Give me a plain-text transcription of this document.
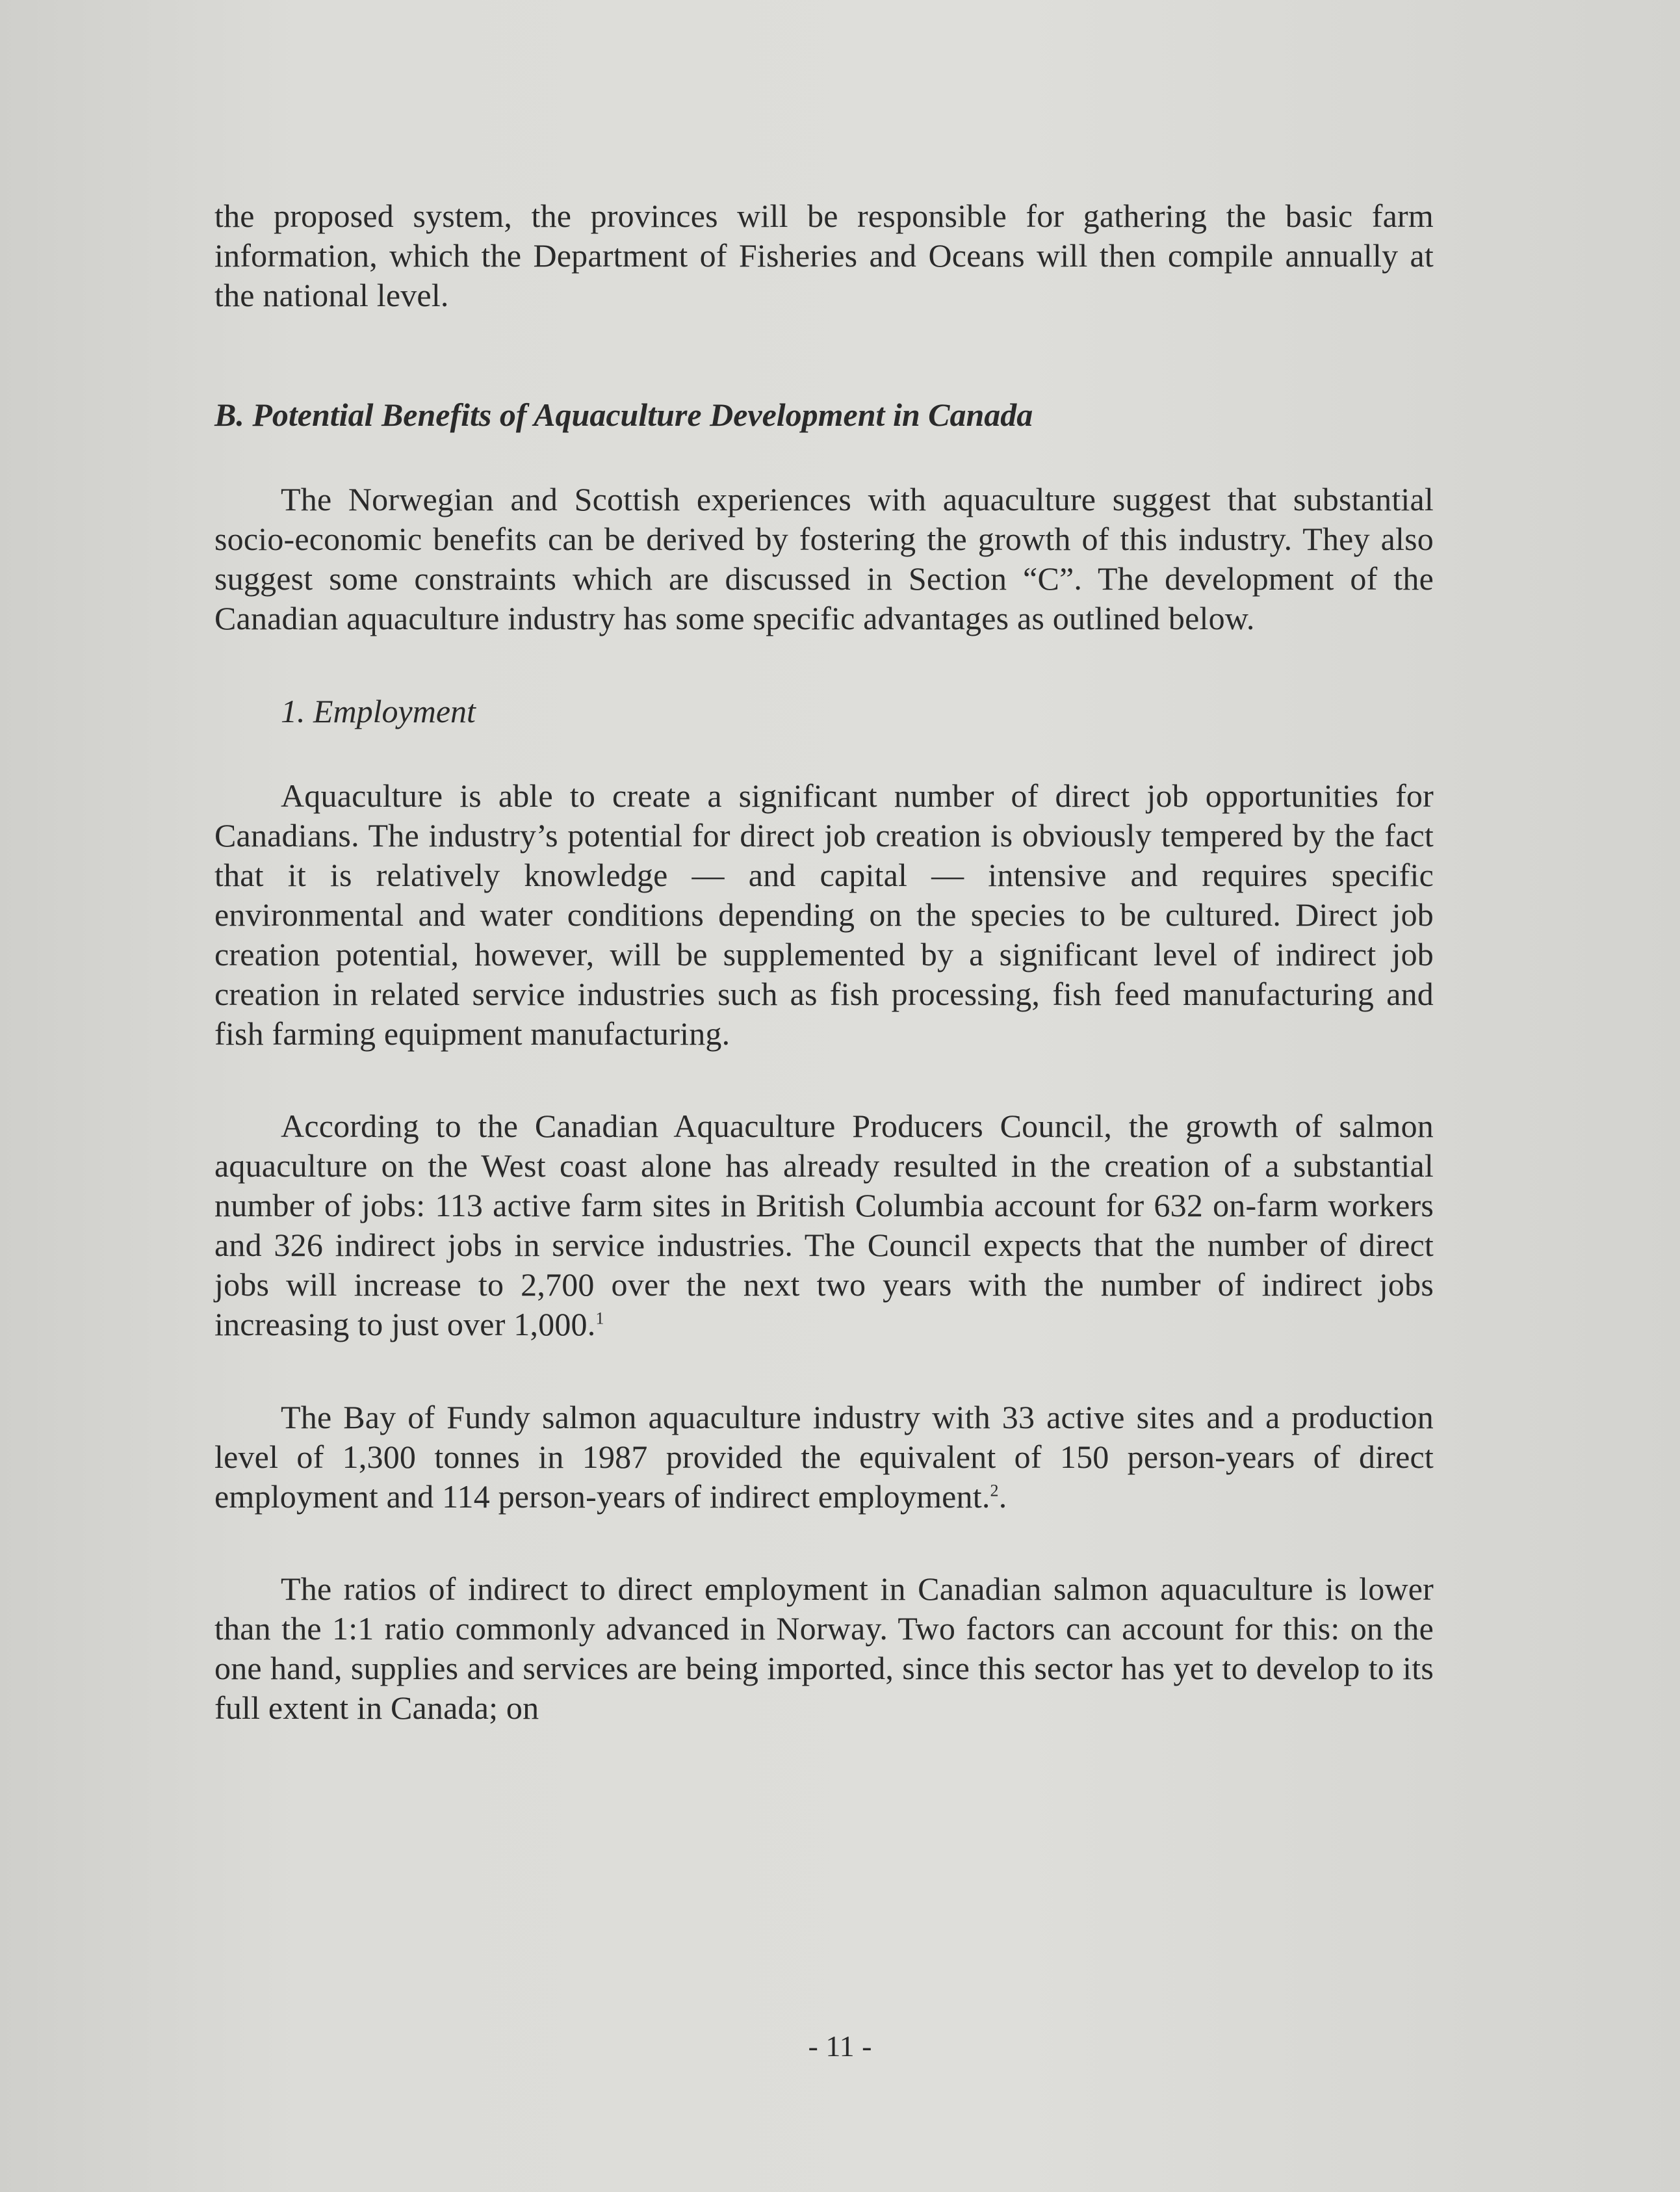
the proposed system, the provinces will be responsible for gathering the basic farm information, which the Department of Fisheries and Oceans will then compile annually at the national level.

B. Potential Benefits of Aquaculture Development in Canada

The Norwegian and Scottish experiences with aquaculture suggest that substantial socio-economic benefits can be derived by fostering the growth of this industry. They also suggest some constraints which are discussed in Section “C”. The development of the Canadian aquaculture industry has some specific advantages as outlined below.

1. Employment

Aquaculture is able to create a significant number of direct job opportunities for Canadians. The industry’s potential for direct job creation is obviously tempered by the fact that it is relatively knowledge — and capital — intensive and requires specific environmental and water conditions depending on the species to be cultured. Direct job creation potential, however, will be supplemented by a significant level of indirect job creation in related service industries such as fish processing, fish feed manufacturing and fish farming equipment manufacturing.

According to the Canadian Aquaculture Producers Council, the growth of salmon aquaculture on the West coast alone has already resulted in the creation of a substantial number of jobs: 113 active farm sites in British Columbia account for 632 on-farm workers and 326 indirect jobs in service industries. The Council expects that the number of direct jobs will increase to 2,700 over the next two years with the number of indirect jobs increasing to just over 1,000.$^1$

The Bay of Fundy salmon aquaculture industry with 33 active sites and a production level of 1,300 tonnes in 1987 provided the equivalent of 150 person-years of direct employment and 114 person-years of indirect employment.$^2$.

The ratios of indirect to direct employment in Canadian salmon aquaculture is lower than the 1:1 ratio commonly advanced in Norway. Two factors can account for this: on the one hand, supplies and services are being imported, since this sector has yet to develop to its full extent in Canada; on

- 11 -
